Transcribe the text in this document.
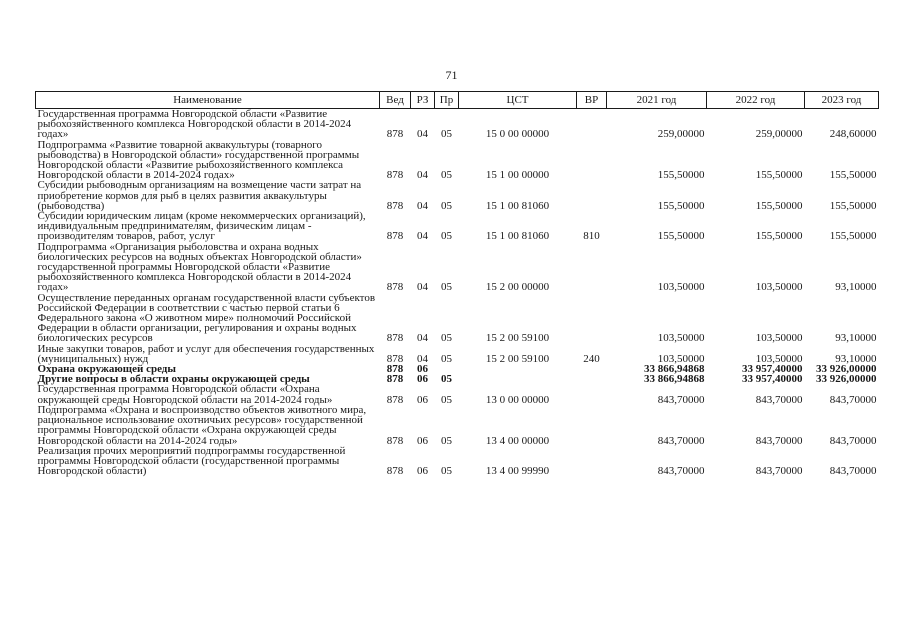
71
Наименование	Вед	РЗ	Пр	ЦСТ	ВР	2021 год	2022 год	2023 год
Государственная программа Новгородской области «Развитие рыбохозяйственного комплекса Новгородской области в 2014-2024 годах»	878	04	05	15 0 00 00000		259,00000	259,00000	248,60000
Подпрограмма «Развитие товарной аквакультуры (товарного рыбоводства) в Новгородской области» государственной программы Новгородской области «Развитие рыбохозяйственного комплекса Новгородской области в 2014-2024 годах»	878	04	05	15 1 00 00000		155,50000	155,50000	155,50000
Субсидии рыбоводным организациям на возмещение части затрат на приобретение кормов для рыб в целях развития аквакультуры (рыбоводства)	878	04	05	15 1 00 81060		155,50000	155,50000	155,50000
Субсидии юридическим лицам (кроме некоммерческих организаций), индивидуальным предпринимателям, физическим лицам - производителям товаров, работ, услуг	878	04	05	15 1 00 81060	810	155,50000	155,50000	155,50000
Подпрограмма «Организация рыболовства и охрана водных биологических ресурсов на водных объектах Новгородской области» государственной программы Новгородской области «Развитие рыбохозяйственного комплекса Новгородской области в 2014-2024 годах»	878	04	05	15 2 00 00000		103,50000	103,50000	93,10000
Осуществление переданных органам государственной власти субъектов Российской Федерации в соответствии с частью первой статьи 6 Федерального закона «О животном мире» полномочий Российской Федерации в области организации, регулирования и охраны водных биологических ресурсов	878	04	05	15 2 00 59100		103,50000	103,50000	93,10000
Иные закупки товаров, работ и услуг для обеспечения государственных (муниципальных) нужд	878	04	05	15 2 00 59100	240	103,50000	103,50000	93,10000
Охрана окружающей среды	878	06				33 866,94868	33 957,40000	33 926,00000
Другие вопросы в области охраны окружающей среды	878	06	05			33 866,94868	33 957,40000	33 926,00000
Государственная программа Новгородской области «Охрана окружающей среды Новгородской области на 2014-2024 годы»	878	06	05	13 0 00 00000		843,70000	843,70000	843,70000
Подпрограмма «Охрана и воспроизводство объектов животного мира, рациональное использование охотничьих ресурсов» государственной программы Новгородской области «Охрана окружающей среды Новгородской области на 2014-2024 годы»	878	06	05	13 4 00 00000		843,70000	843,70000	843,70000
Реализация прочих мероприятий подпрограммы государственной программы Новгородской области (государственной программы Новгородской области)	878	06	05	13 4 00 99990		843,70000	843,70000	843,70000
